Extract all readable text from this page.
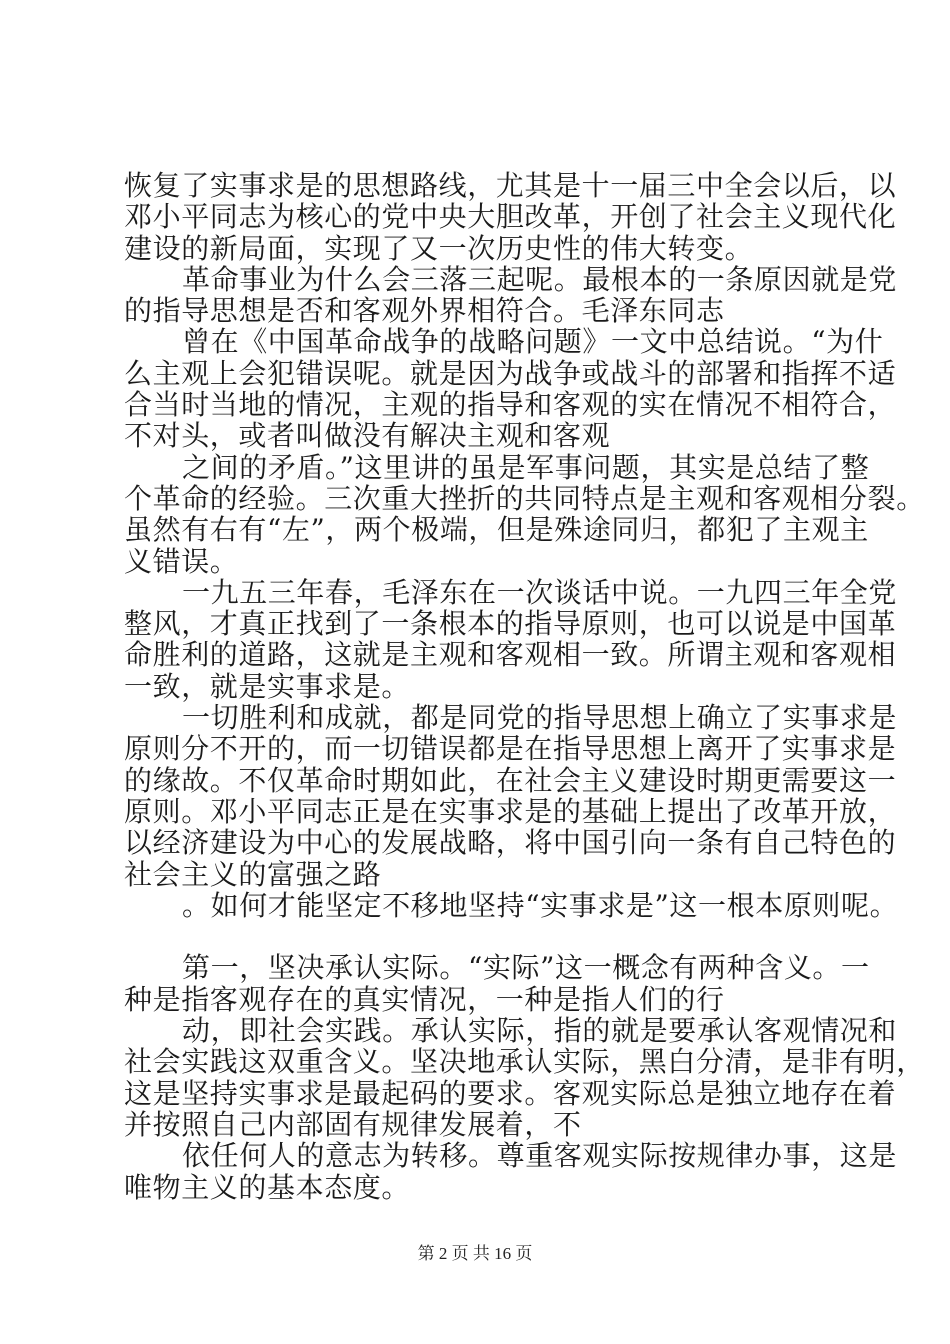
恢复了实事求是的思想路线，尤其是十一届三中全会以后，以
邓小平同志为核心的党中央大胆改革，开创了社会主义现代化
建设的新局面，实现了又一次历史性的伟大转变。
革命事业为什么会三落三起呢。最根本的一条原因就是党
的指导思想是否和客观外界相符合。毛泽东同志
曾在《中国革命战争的战略问题》一文中总结说。“为什
么主观上会犯错误呢。就是因为战争或战斗的部署和指挥不适
合当时当地的情况，主观的指导和客观的实在情况不相符合，
不对头，或者叫做没有解决主观和客观
之间的矛盾。”这里讲的虽是军事问题，其实是总结了整
个革命的经验。三次重大挫折的共同特点是主观和客观相分裂。
虽然有右有“左”，两个极端，但是殊途同归，都犯了主观主
义错误。
一九五三年春，毛泽东在一次谈话中说。一九四三年全党
整风，才真正找到了一条根本的指导原则，也可以说是中国革
命胜利的道路，这就是主观和客观相一致。所谓主观和客观相
一致，就是实事求是。
一切胜利和成就，都是同党的指导思想上确立了实事求是
原则分不开的，而一切错误都是在指导思想上离开了实事求是
的缘故。不仅革命时期如此，在社会主义建设时期更需要这一
原则。邓小平同志正是在实事求是的基础上提出了改革开放，
以经济建设为中心的发展战略，将中国引向一条有自己特色的
社会主义的富强之路
。如何才能坚定不移地坚持“实事求是”这一根本原则呢。
第一，坚决承认实际。“实际”这一概念有两种含义。一
种是指客观存在的真实情况，一种是指人们的行
动，即社会实践。承认实际，指的就是要承认客观情况和
社会实践这双重含义。坚决地承认实际，黑白分清，是非有明，
这是坚持实事求是最起码的要求。客观实际总是独立地存在着
并按照自己内部固有规律发展着，不
依任何人的意志为转移。尊重客观实际按规律办事，这是
唯物主义的基本态度。
第 2 页 共 16 页
